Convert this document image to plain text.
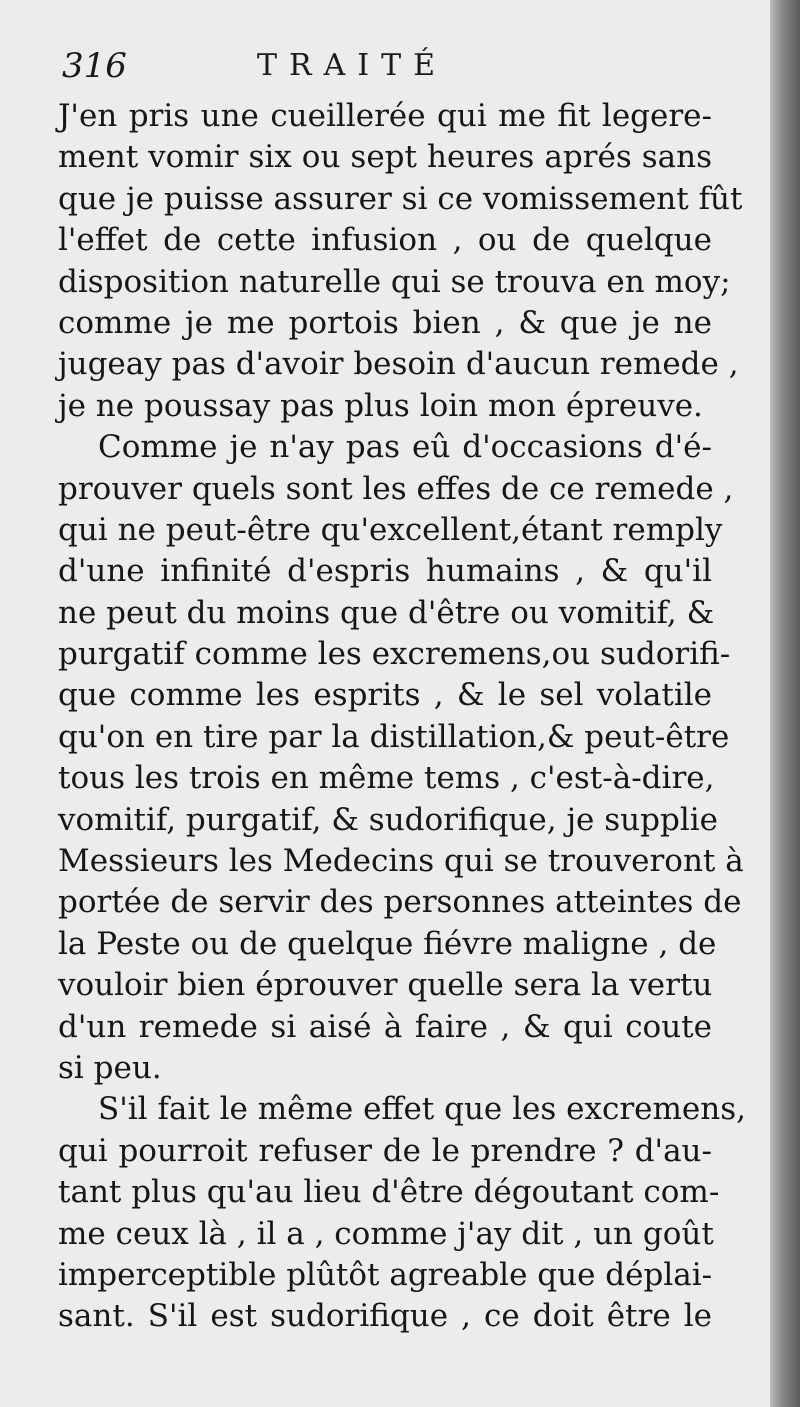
316	TRAITÉ
J'en pris une cueillerée qui me fit legere-
ment vomir six ou sept heures aprés sans
que je puisse assurer si ce vomissement fût
l'effet de cette infusion , ou de quelque
disposition naturelle qui se trouva en moy;
comme je me portois bien , & que je ne
jugeay pas d'avoir besoin d'aucun remede ,
je ne poussay pas plus loin mon épreuve.
Comme je n'ay pas eû d'occasions d'é-
prouver quels sont les effes de ce remede ,
qui ne peut-être qu'excellent,étant remply
d'une infinité d'espris humains , & qu'il
ne peut du moins que d'être ou vomitif, &
purgatif comme les excremens,ou sudorifi-
que comme les esprits , & le sel volatile
qu'on en tire par la distillation,& peut-être
tous les trois en même tems , c'est-à-dire,
vomitif, purgatif, & sudorifique, je supplie
Messieurs les Medecins qui se trouveront à
portée de servir des personnes atteintes de
la Peste ou de quelque fiévre maligne , de
vouloir bien éprouver quelle sera la vertu
d'un remede si aisé à faire , & qui coute
si peu.
S'il fait le même effet que les excremens,
qui pourroit refuser de le prendre ? d'au-
tant plus qu'au lieu d'être dégoutant com-
me ceux là , il a , comme j'ay dit , un goût
imperceptible plûtôt agreable que déplai-
sant. S'il est sudorifique , ce doit être le
